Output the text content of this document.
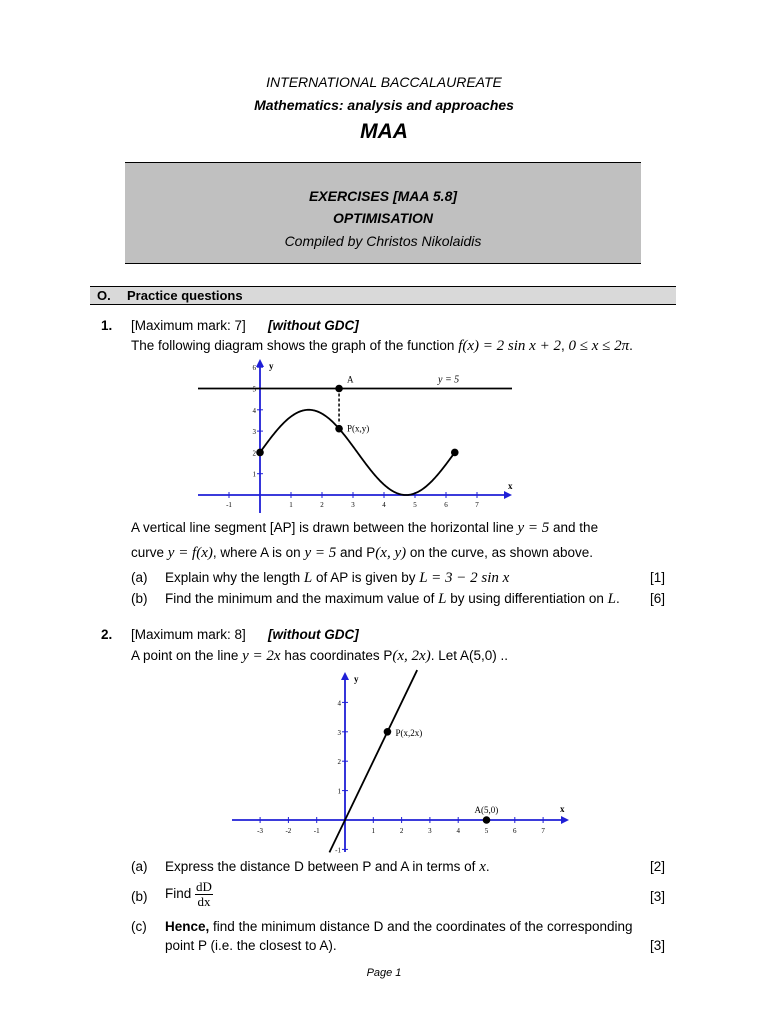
INTERNATIONAL BACCALAUREATE
Mathematics: analysis and approaches
MAA
EXERCISES [MAA 5.8]
OPTIMISATION
Compiled by Christos Nikolaidis
O. Practice questions
1. [Maximum mark: 7] [without GDC]
The following diagram shows the graph of the function f(x) = 2 sin x + 2, 0 ≤ x ≤ 2π.
x
y
-1	1	2	3	4	5	6	7
1
2
3
4
5
6
y = 5
A
P(x,y)
A vertical line segment [AP] is drawn between the horizontal line y = 5 and the
curve y = f(x), where A is on y = 5 and P(x, y) on the curve, as shown above.
(a) Explain why the length L of AP is given by L = 3 − 2 sin x	[1]
(b) Find the minimum and the maximum value of L by using differentiation on L.	[6]
2. [Maximum mark: 8] [without GDC]
A point on the line y = 2x has coordinates P(x, 2x). Let A(5,0) ..
x
y
-3	-2	-1	1	2	3	4	5	6	7
-1
1
2
3
4
P(x,2x)
A(5,0)
(a) Express the distance D between P and A in terms of x.	[2]
(b) Find $\frac{dD}{dx}$	[3]
(c) Hence, find the minimum distance D and the coordinates of the corresponding
point P (i.e. the closest to A).	[3]
Page 1
